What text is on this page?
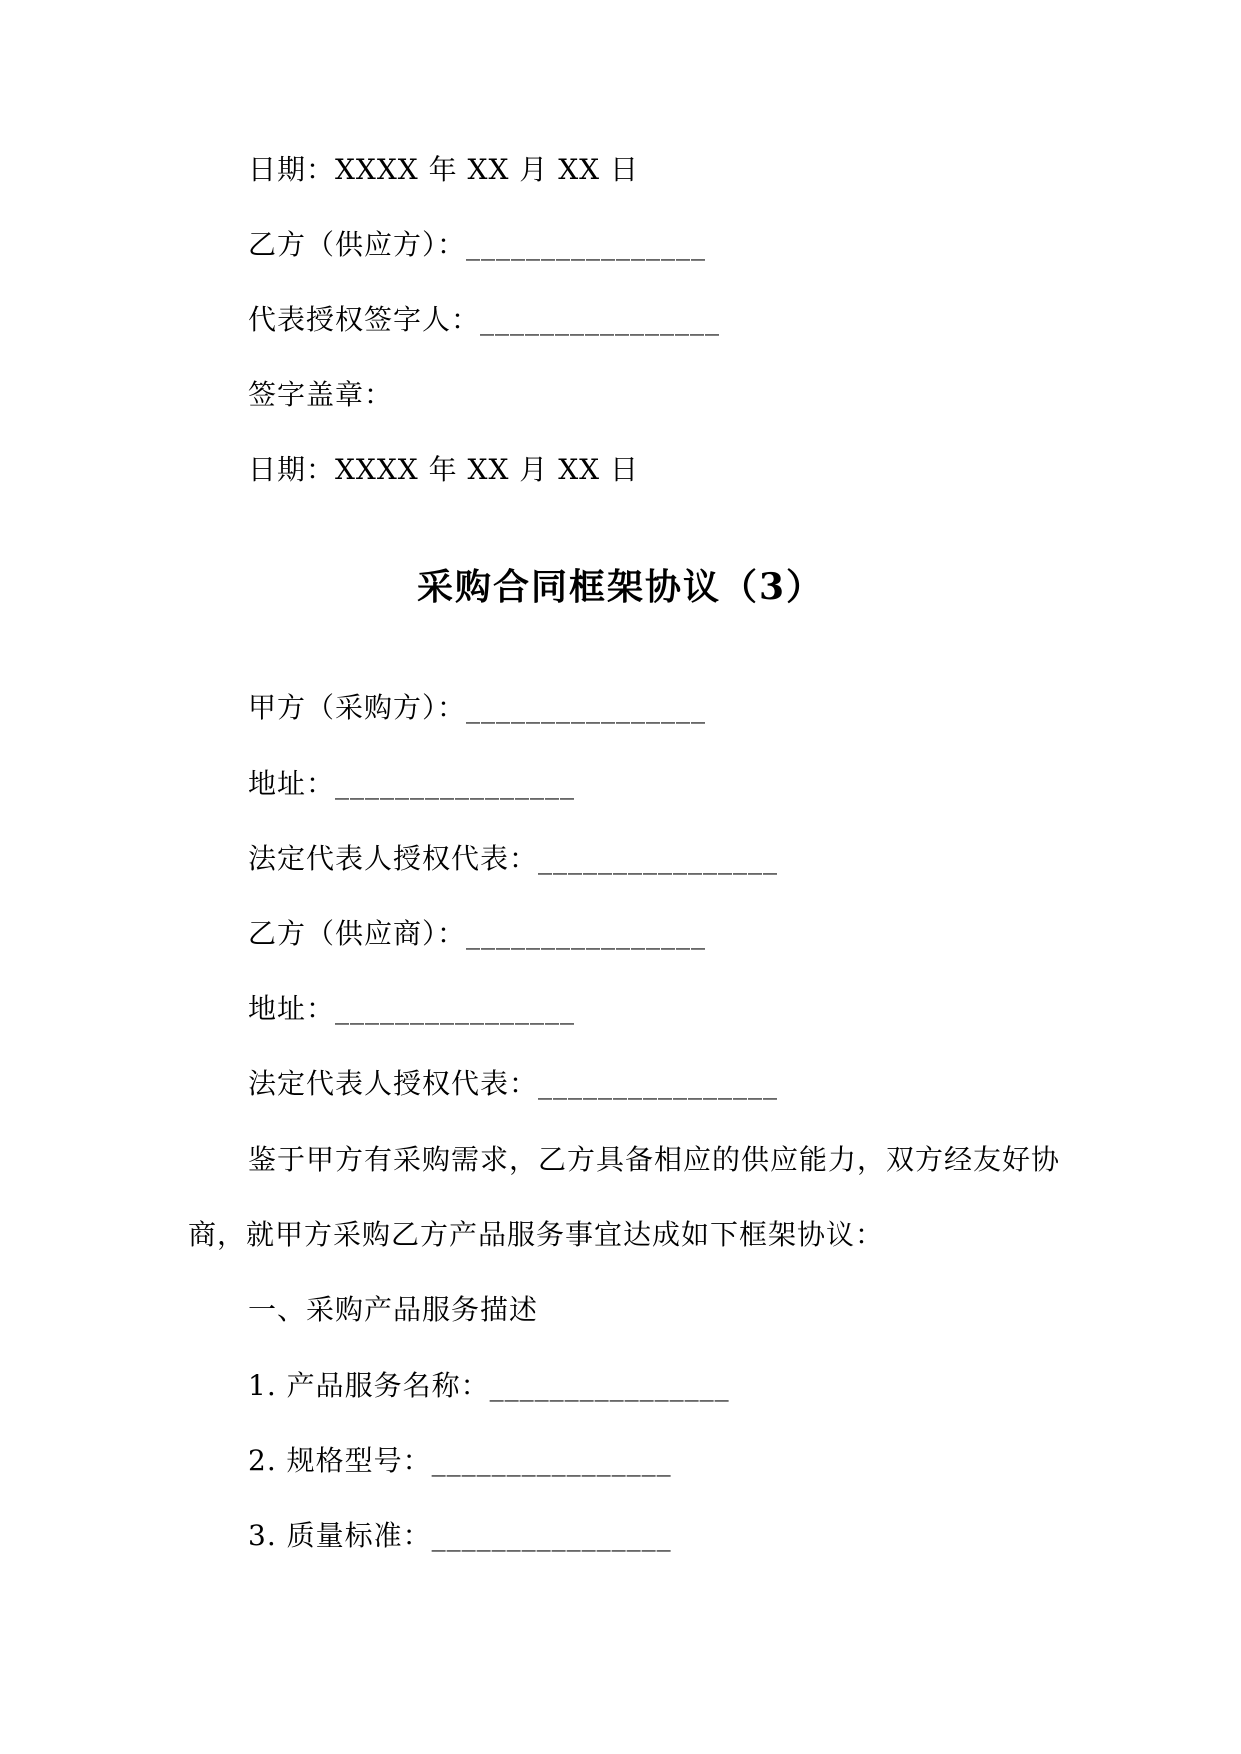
日期：XXXX 年 XX 月 XX 日
乙方（供应方）：________________
代表授权签字人：________________
签字盖章：
日期：XXXX 年 XX 月 XX 日
采购合同框架协议（3）
甲方（采购方）：________________
地址：________________
法定代表人授权代表：________________
乙方（供应商）：________________
地址：________________
法定代表人授权代表：________________
鉴于甲方有采购需求，乙方具备相应的供应能力，双方经友好协
商，就甲方采购乙方产品服务事宜达成如下框架协议：
一、采购产品服务描述
1. 产品服务名称：________________
2. 规格型号：________________
3. 质量标准：________________
